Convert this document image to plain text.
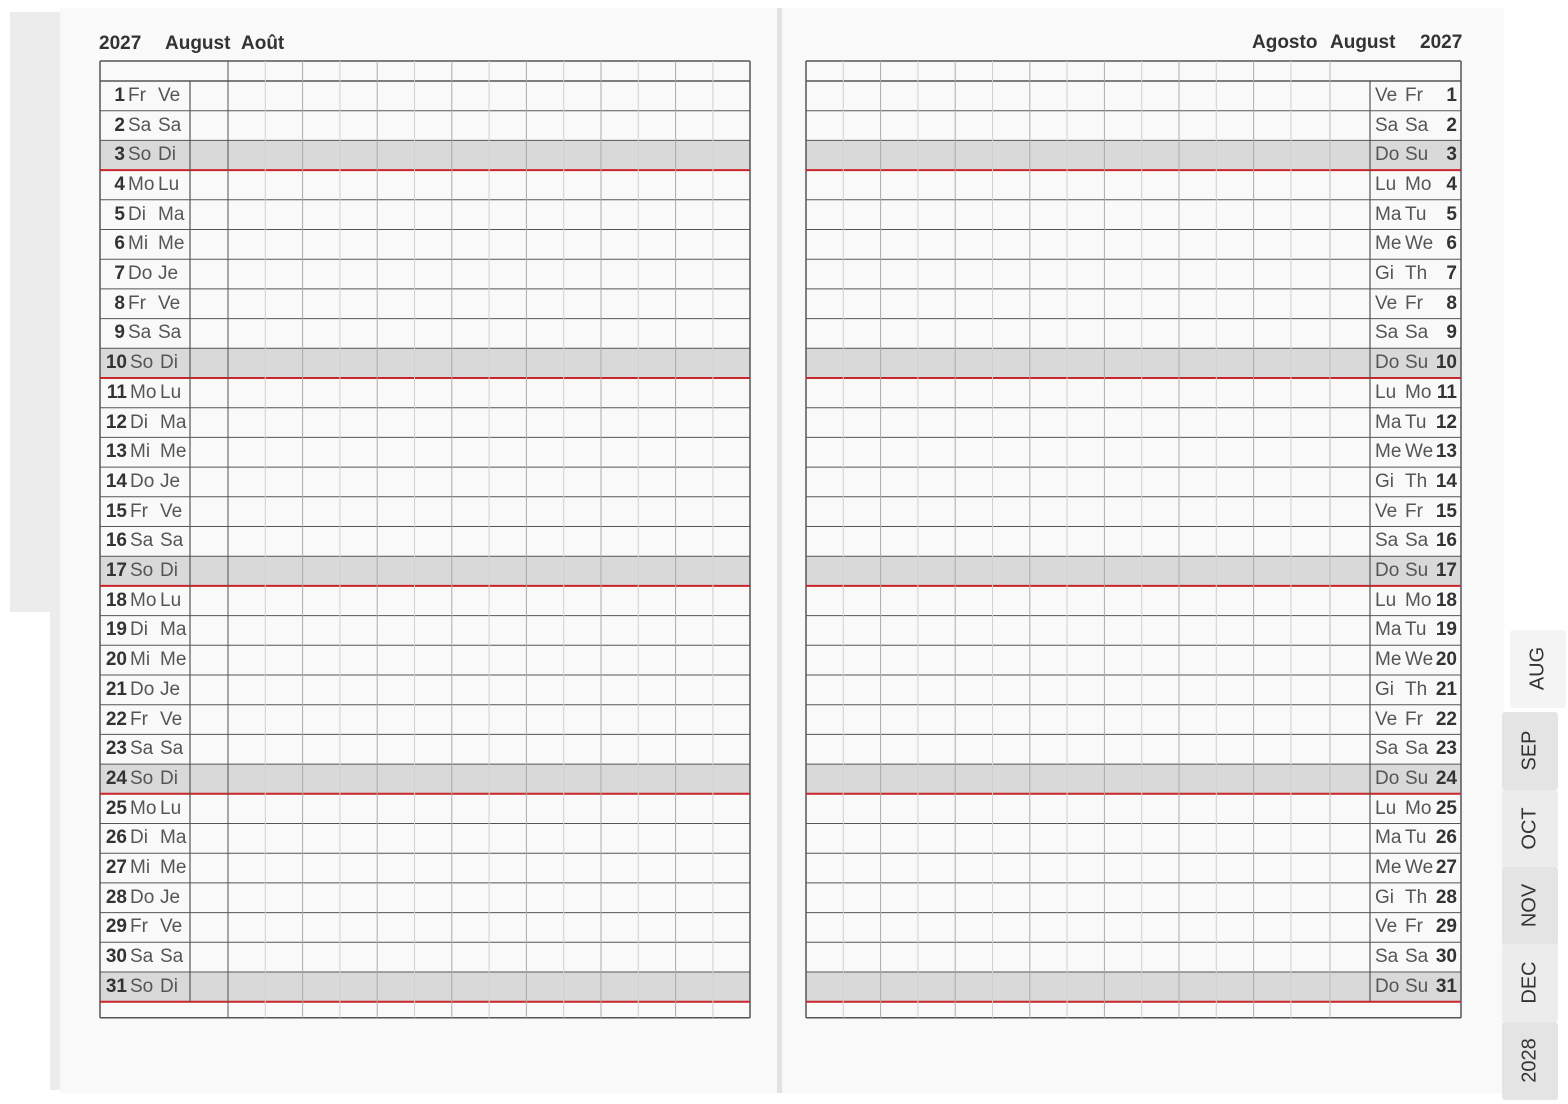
2027 August Août	Agosto August 2027
1 Fr Ve	Ve Fr	1
2 Sa Sa	Sa Sa 2
3 So Di	Do Su 3
4 Mo Lu	Lu Mo 4
5 Di Ma	Ma Tu	5
6 Mi Me	Me We 6
7 Do Je	Gi Th	7
8 Fr Ve	Ve Fr	8
9 Sa Sa	Sa Sa 9
10 So Di	Do Su 10
11 Mo Lu	Lu Mo 11
12 Di Ma	Ma Tu 12
13 Mi Me	Me We 13
14 Do Je	Gi Th 14
15 Fr Ve	Ve Fr 15
16 Sa Sa	Sa Sa 16
17 So Di	Do Su 17
18 Mo Lu	Lu Mo 18
19 Di Ma	Ma Tu 19
20 Mi Me	Me We 20
21 Do Je	Gi Th 21
22 Fr Ve	Ve Fr 22
23 Sa Sa	Sa Sa 23
24 So Di	Do Su 24
25 Mo Lu	Lu Mo 25
26 Di Ma	Ma Tu 26
27 Mi Me	Me We 27
28 Do Je	Gi Th 28
29 Fr Ve	Ve Fr 29
30 Sa Sa	Sa Sa 30
31 So Di	Do Su 31
AUG
SEP
OCT
NOV
DEC
2028
